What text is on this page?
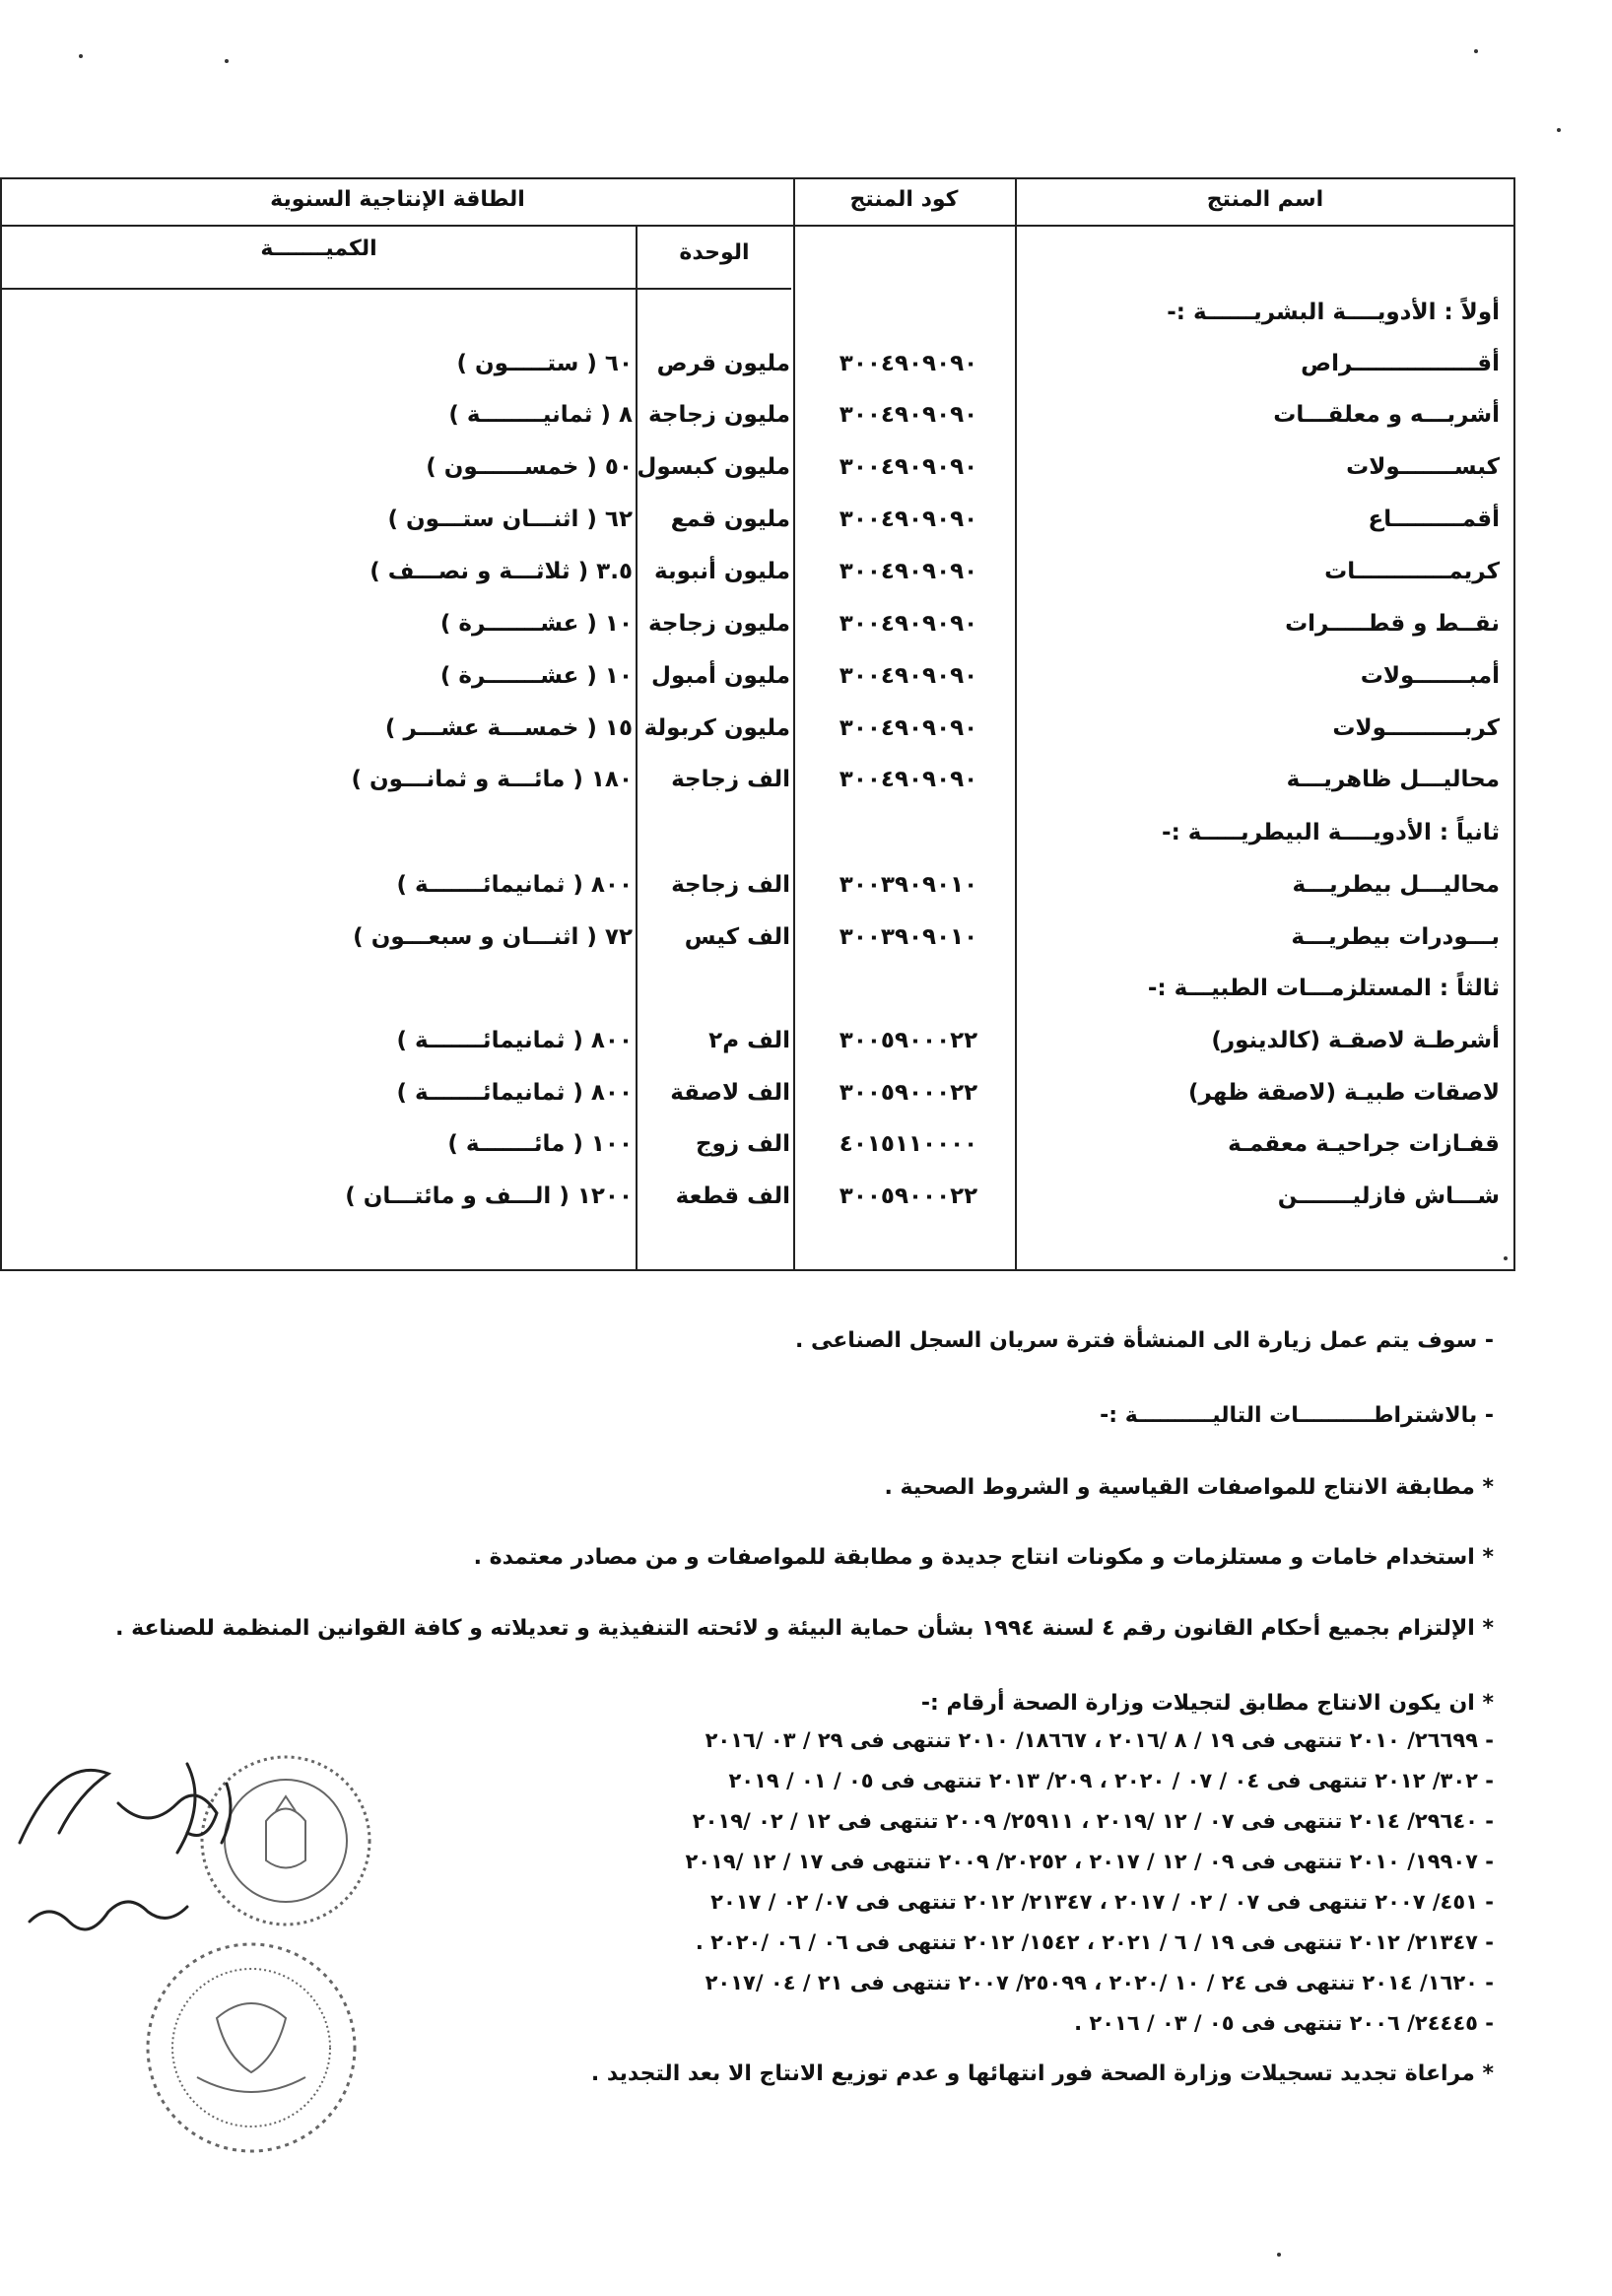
اسم المنتج
كود المنتج
الطاقة الإنتاجية السنوية
الوحدة
الكميـــــــة
أولاً : الأدويــــة البشريــــــة :-
أقــــــــــــــــراص
٣٠٠٤٩٠٩٠٩٠
مليون قرص
٦٠ ( ستـــــون )
أشربـــه و معلقـــات
٣٠٠٤٩٠٩٠٩٠
مليون زجاجة
٨ ( ثمانيــــــــة )
كبســـــــولات
٣٠٠٤٩٠٩٠٩٠
مليون كبسول
٥٠ ( خمســــــون )
أقمـــــــــاع
٣٠٠٤٩٠٩٠٩٠
مليون قمع
٦٢ ( اثنـــان ستـــون )
كريمــــــــــــات
٣٠٠٤٩٠٩٠٩٠
مليون أنبوبة
٣.٥ ( ثلاثـــة و نصـــف )
نقــط و قطـــــرات
٣٠٠٤٩٠٩٠٩٠
مليون زجاجة
١٠ ( عشـــــــرة )
أمبـــــــولات
٣٠٠٤٩٠٩٠٩٠
مليون أمبول
١٠ ( عشـــــــرة )
كربــــــــــولات
٣٠٠٤٩٠٩٠٩٠
مليون كربولة
١٥ ( خمســـة عشـــر )
محاليـــل ظاهريـــة
٣٠٠٤٩٠٩٠٩٠
الف زجاجة
١٨٠ ( مائـــة و ثمانـــون )
ثانياً : الأدويــــة البيطريـــــة :-
محاليـــل بيطريـــة
٣٠٠٣٩٠٩٠١٠
الف زجاجة
٨٠٠ ( ثمانيمائـــــــة )
بـــودرات بيطريـــة
٣٠٠٣٩٠٩٠١٠
الف كيس
٧٢ ( اثنـــان و سبعـــون )
ثالثاً : المستلزمـــات الطبيـــة :-
أشرطـة لاصقـة (كالدينور)
٣٠٠٥٩٠٠٠٢٢
الف م٢
٨٠٠ ( ثمانيمائـــــــة )
لاصقات طبيـة (لاصقة ظهر)
٣٠٠٥٩٠٠٠٢٢
الف لاصقة
٨٠٠ ( ثمانيمائـــــــة )
قفـازات جراحيـة معقمـة
٤٠١٥١١٠٠٠٠
الف زوج
١٠٠ ( مائـــــــة )
شـــاش فازليـــــــن
٣٠٠٥٩٠٠٠٢٢
الف قطعة
١٢٠٠ ( الـــف و مائتـــان )
- سوف يتم عمل زيارة الى المنشأة فترة سريان السجل الصناعى .
- بالاشتراطــــــــــات التاليــــــــــة :-
* مطابقة الانتاج للمواصفات القياسية و الشروط الصحية .
* استخدام خامات و مستلزمات و مكونات انتاج جديدة و مطابقة للمواصفات و من مصادر معتمدة .
* الإلتزام بجميع أحكام القانون رقم ٤ لسنة ١٩٩٤ بشأن حماية البيئة و لائحته التنفيذية و تعديلاته و كافة القوانين المنظمة للصناعة .
* ان يكون الانتاج مطابق لتجيلات وزارة الصحة أرقام :-
- ٢٦٦٩٩/ ٢٠١٠ تنتهى فى ١٩ / ٨ /٢٠١٦ ، ١٨٦٦٧/ ٢٠١٠ تنتهى فى ٢٩ / ٠٣ /٢٠١٦
- ٣٠٢/ ٢٠١٢ تنتهى فى ٠٤ / ٠٧ / ٢٠٢٠ ، ٢٠٩/ ٢٠١٣ تنتهى فى ٠٥ / ٠١ / ٢٠١٩
- ٢٩٦٤٠/ ٢٠١٤ تنتهى فى ٠٧ / ١٢ /٢٠١٩ ، ٢٥٩١١/ ٢٠٠٩ تنتهى فى ١٢ / ٠٢ /٢٠١٩
- ١٩٩٠٧/ ٢٠١٠ تنتهى فى ٠٩ / ١٢ / ٢٠١٧ ، ٢٠٢٥٢/ ٢٠٠٩ تنتهى فى ١٧ / ١٢ /٢٠١٩
- ٤٥١/ ٢٠٠٧ تنتهى فى ٠٧ / ٠٢ / ٢٠١٧ ، ٢١٣٤٧/ ٢٠١٢ تنتهى فى ٠٧/ ٠٢ / ٢٠١٧
- ٢١٣٤٧/ ٢٠١٢ تنتهى فى ١٩ / ٦ / ٢٠٢١ ، ١٥٤٢/ ٢٠١٢ تنتهى فى ٠٦ / ٠٦ /٢٠٢٠ .
- ١٦٢٠/ ٢٠١٤ تنتهى فى ٢٤ / ١٠ /٢٠٢٠ ، ٢٥٠٩٩/ ٢٠٠٧ تنتهى فى ٢١ / ٠٤ /٢٠١٧
- ٢٤٤٤٥/ ٢٠٠٦ تنتهى فى ٠٥ / ٠٣ / ٢٠١٦ .
* مراعاة تجديد تسجيلات وزارة الصحة فور انتهائها و عدم توزيع الانتاج الا بعد التجديد .
